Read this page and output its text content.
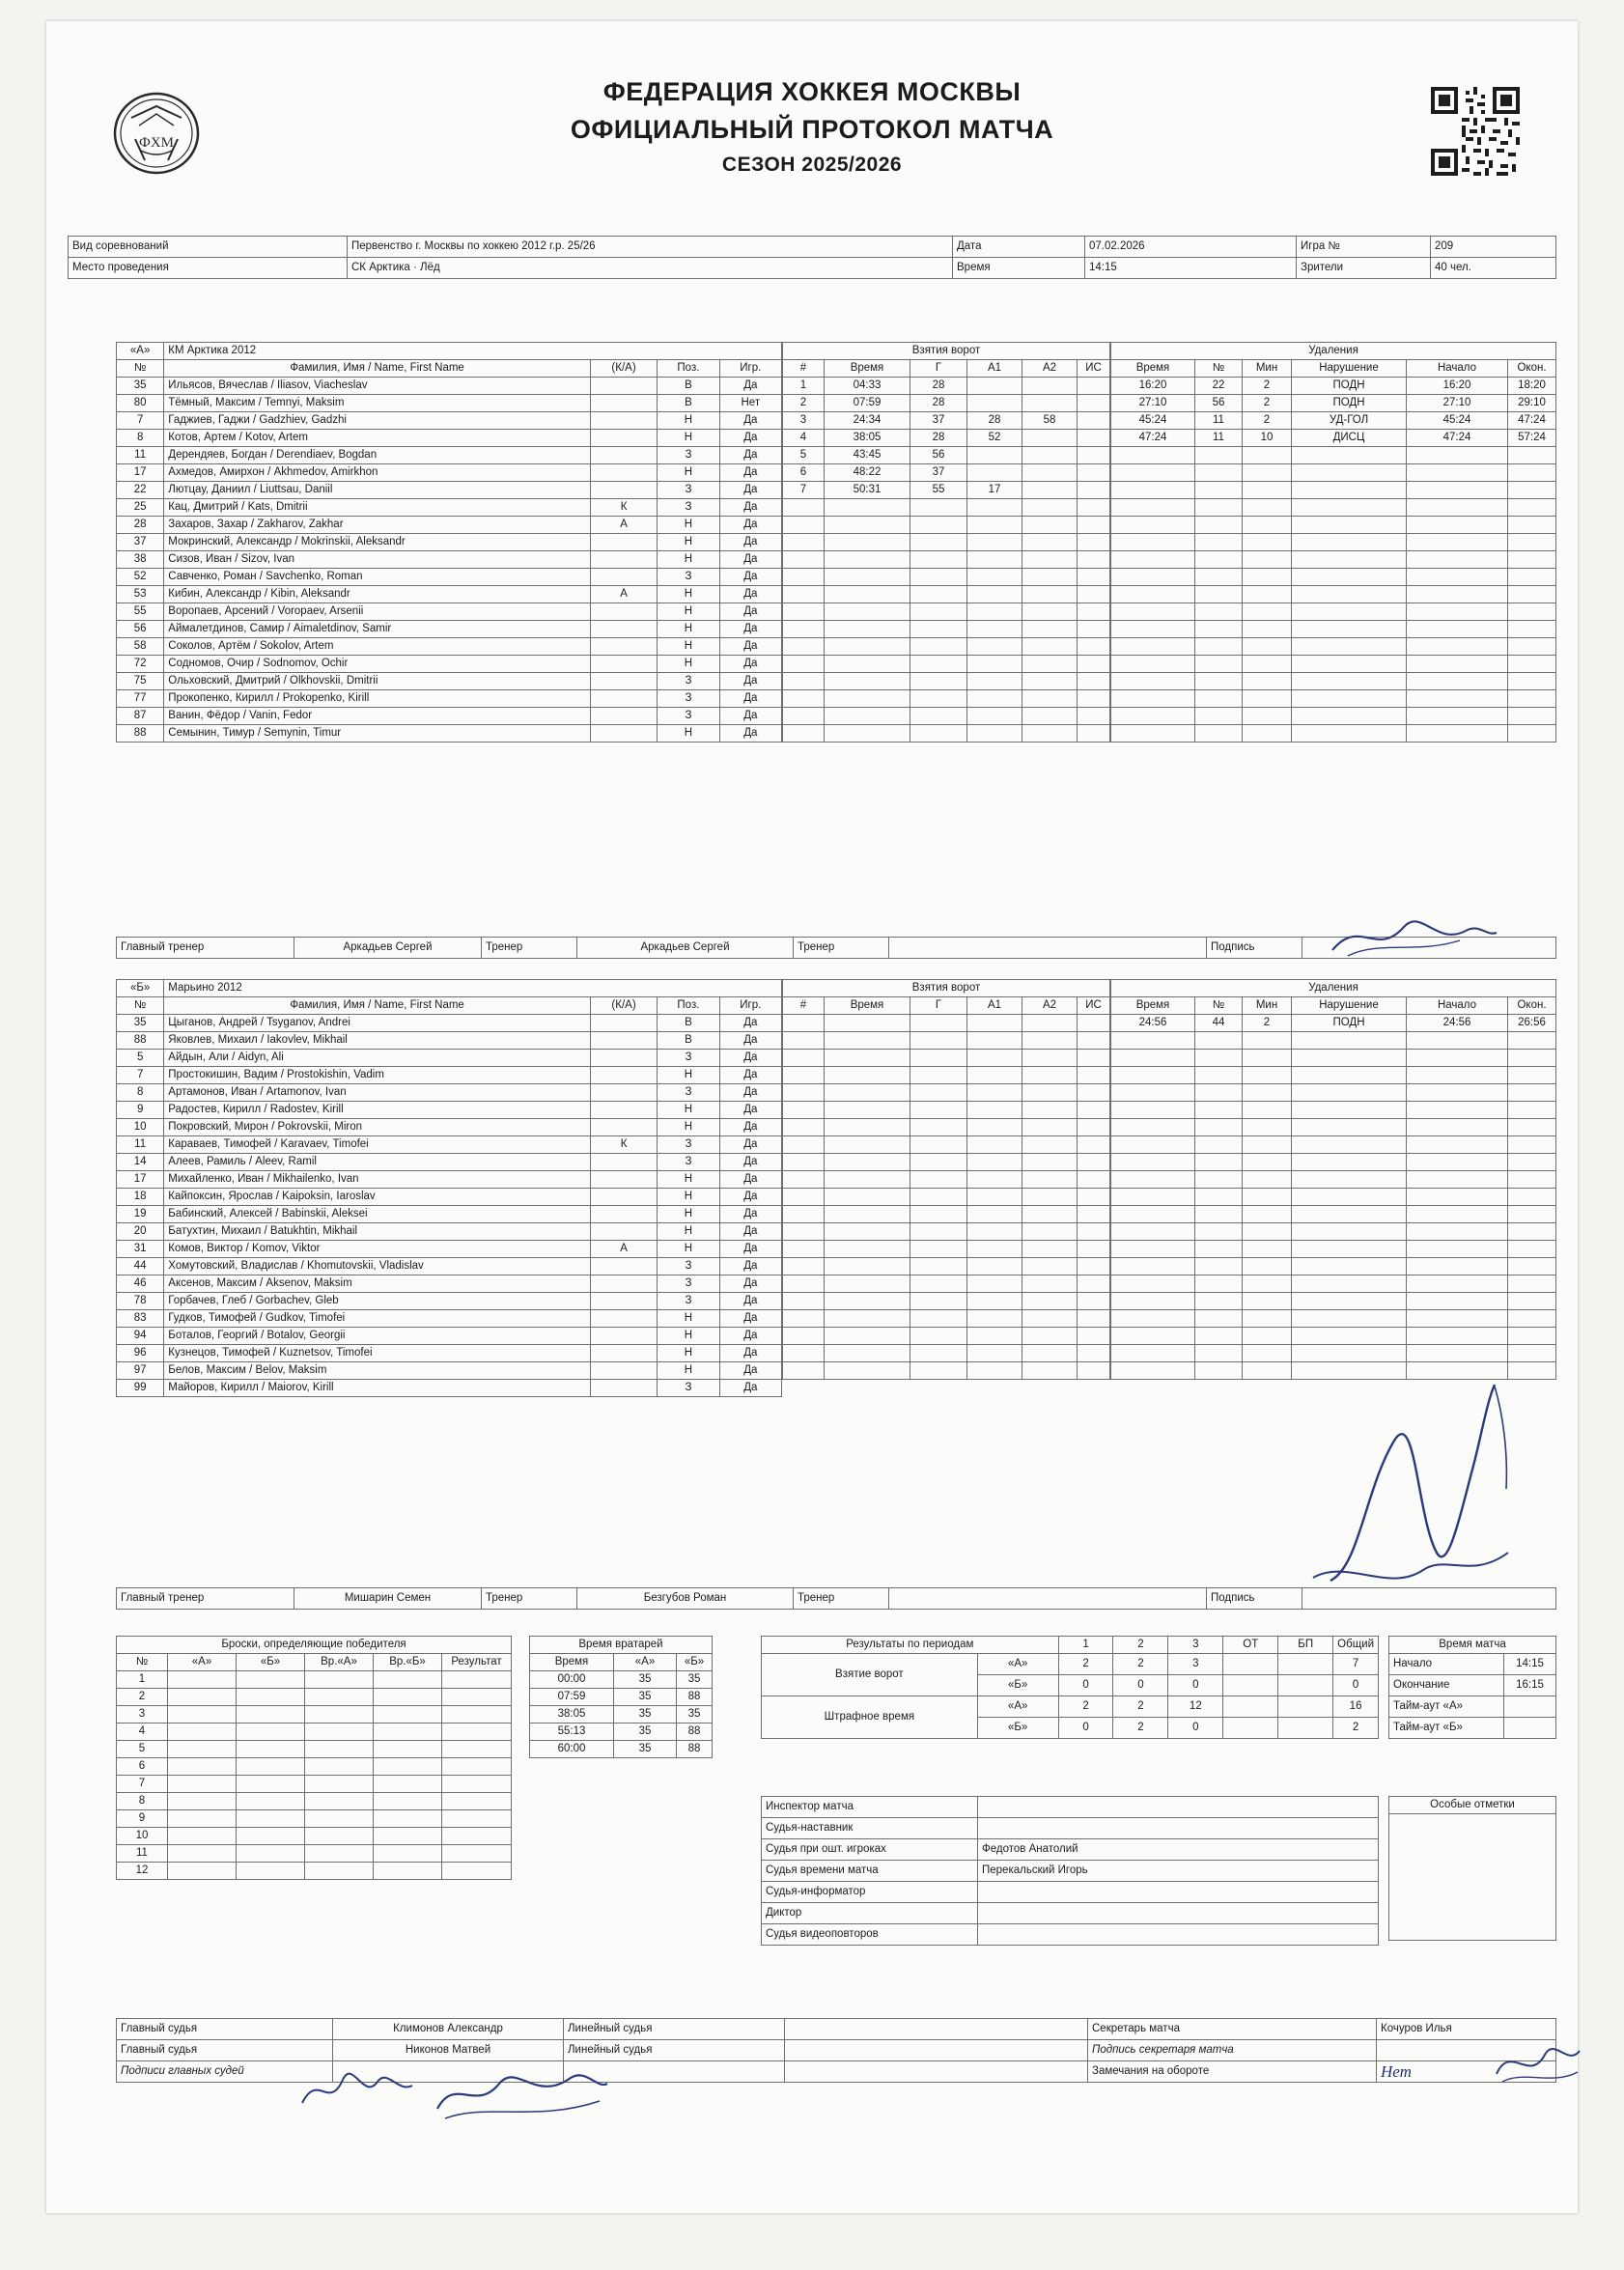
ФХМ
ФЕДЕРАЦИЯ ХОККЕЯ МОСКВЫ
ОФИЦИАЛЬНЫЙ ПРОТОКОЛ МАТЧА
СЕЗОН 2025/2026
Вид соревнований	Первенство г. Москвы по хоккею 2012 г.р. 25/26	Дата	07.02.2026	Игра №	209
Место проведения	СК Арктика · Лёд	Время	14:15	Зрители	40 чел.
«А»	КМ Арктика 2012			
№	Фамилия, Имя / Name, First Name	(К/А)	Поз.	Игр.
35	Ильясов, Вячеслав / Iliasov, Viacheslav		В	Да
80	Тёмный, Максим / Temnyi, Maksim		В	Нет
7	Гаджиев, Гаджи / Gadzhiev, Gadzhi		Н	Да
8	Котов, Артем / Kotov, Artem		Н	Да
11	Дерендяев, Богдан / Derendiaev, Bogdan		З	Да
17	Ахмедов, Амирхон / Akhmedov, Amirkhon		Н	Да
22	Лютцау, Даниил / Liuttsau, Daniil		З	Да
25	Кац, Дмитрий / Kats, Dmitrii	К	З	Да
28	Захаров, Захар / Zakharov, Zakhar	А	Н	Да
37	Мокринский, Александр / Mokrinskii, Aleksandr		Н	Да
38	Сизов, Иван / Sizov, Ivan		Н	Да
52	Савченко, Роман / Savchenko, Roman		З	Да
53	Кибин, Александр / Kibin, Aleksandr	А	Н	Да
55	Воропаев, Арсений / Voropaev, Arsenii		Н	Да
56	Аймалетдинов, Самир / Aimaletdinov, Samir		Н	Да
58	Соколов, Артём / Sokolov, Artem		Н	Да
72	Содномов, Очир / Sodnomov, Ochir		Н	Да
75	Ольховский, Дмитрий / Olkhovskii, Dmitrii		З	Да
77	Прокопенко, Кирилл / Prokopenko, Kirill		З	Да
87	Ванин, Фёдор / Vanin, Fedor		З	Да
88	Семынин, Тимур / Semynin, Timur		Н	Да
Взятия ворот					
#	Время	Г	А1	А2	ИС
1	04:33	28			
2	07:59	28			
3	24:34	37	28	58	
4	38:05	28	52		
5	43:45	56			
6	48:22	37			
7	50:31	55	17		

Удаления					
Время	№	Мин	Нарушение	Начало	Окон.
16:20	22	2	ПОДН	16:20	18:20
27:10	56	2	ПОДН	27:10	29:10
45:24	11	2	УД-ГОЛ	45:24	47:24
47:24	11	10	ДИСЦ	47:24	57:24

Главный тренер	Аркадьев Сергей	Тренер	Аркадьев Сергей	Тренер		Подпись	
«Б»	Марьино 2012			
№	Фамилия, Имя / Name, First Name	(К/А)	Поз.	Игр.
35	Цыганов, Андрей / Tsyganov, Andrei		В	Да
88	Яковлев, Михаил / Iakovlev, Mikhail		В	Да
5	Айдын, Али / Aidyn, Ali		З	Да
7	Простокишин, Вадим / Prostokishin, Vadim		Н	Да
8	Артамонов, Иван / Artamonov, Ivan		З	Да
9	Радостев, Кирилл / Radostev, Kirill		Н	Да
10	Покровский, Мирон / Pokrovskii, Miron		Н	Да
11	Караваев, Тимофей / Karavaev, Timofei	К	З	Да
14	Алеев, Рамиль / Aleev, Ramil		З	Да
17	Михайленко, Иван / Mikhailenko, Ivan		Н	Да
18	Кайпоксин, Ярослав / Kaipoksin, Iaroslav		Н	Да
19	Бабинский, Алексей / Babinskii, Aleksei		Н	Да
20	Батухтин, Михаил / Batukhtin, Mikhail		Н	Да
31	Комов, Виктор / Komov, Viktor	А	Н	Да
44	Хомутовский, Владислав / Khomutovskii, Vladislav		З	Да
46	Аксенов, Максим / Aksenov, Maksim		З	Да
78	Горбачев, Глеб / Gorbachev, Gleb		З	Да
83	Гудков, Тимофей / Gudkov, Timofei		Н	Да
94	Боталов, Георгий / Botalov, Georgii		Н	Да
96	Кузнецов, Тимофей / Kuznetsov, Timofei		Н	Да
97	Белов, Максим / Belov, Maksim		Н	Да
99	Майоров, Кирилл / Maiorov, Kirill		З	Да
Взятия ворот					
#	Время	Г	А1	А2	ИС

Удаления					
Время	№	Мин	Нарушение	Начало	Окон.
24:56	44	2	ПОДН	24:56	26:56

Главный тренер	Мишарин Семен	Тренер	Безгубов Роман	Тренер		Подпись	
Броски, определяющие победителя					
№	«А»	«Б»	Вр.«А»	Вр.«Б»	Результат
1					
2					
3					
4					
5					
6					
7					
8					
9					
10					
11					
12					
Время вратарей		
Время	«А»	«Б»
00:00	35	35
07:59	35	88
38:05	35	35
55:13	35	88
60:00	35	88
Результаты по периодам		1	2	3	ОТ	БП	Общий
Взятие ворот	«А»	2	2	3			7
	«Б»	0	0	0			0
Штрафное время	«А»	2	2	12			16
	«Б»	0	2	0			2
Время матча	
Начало	14:15
Окончание	16:15
Тайм-аут «А»	
Тайм-аут «Б»	
Инспектор матча	
Судья-наставник	
Судья при ошт. игроках	Федотов Анатолий
Судья времени матча	Перекальский Игорь
Судья-информатор	
Диктор	
Судья видеоповторов	
Особые отметки

Главный судья	Климонов Александр	Линейный судья		Секретарь матча	Кочуров Илья
Главный судья	Никонов Матвей	Линейный судья		Подпись секретаря матча	
Подписи главных судей				Замечания на обороте	Нет
